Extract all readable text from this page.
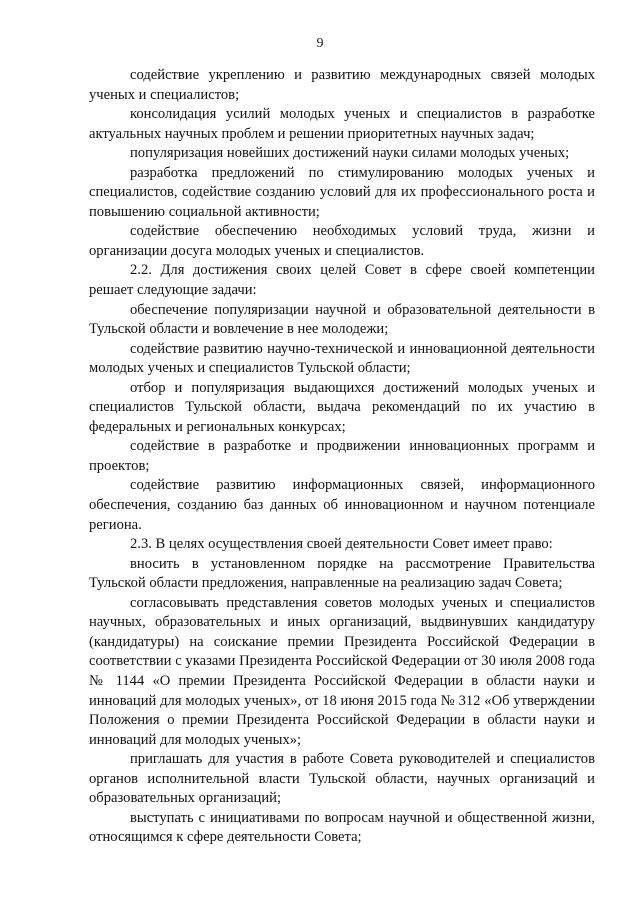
9

содействие укреплению и развитию международных связей молодых ученых и специалистов;

консолидация усилий молодых ученых и специалистов в разработке актуальных научных проблем и решении приоритетных научных задач;

популяризация новейших достижений науки силами молодых ученых;

разработка предложений по стимулированию молодых ученых и специалистов, содействие созданию условий для их профессионального роста и повышению социальной активности;

содействие обеспечению необходимых условий труда, жизни и организации досуга молодых ученых и специалистов.

2.2. Для достижения своих целей Совет в сфере своей компетенции решает следующие задачи:

обеспечение популяризации научной и образовательной деятельности в Тульской области и вовлечение в нее молодежи;

содействие развитию научно-технической и инновационной деятельности молодых ученых и специалистов Тульской области;

отбор и популяризация выдающихся достижений молодых ученых и специалистов Тульской области, выдача рекомендаций по их участию в федеральных и региональных конкурсах;

содействие в разработке и продвижении инновационных программ и проектов;

содействие развитию информационных связей, информационного обеспечения, созданию баз данных об инновационном и научном потенциале региона.

2.3. В целях осуществления своей деятельности Совет имеет право:

вносить в установленном порядке на рассмотрение Правительства Тульской области предложения, направленные на реализацию задач Совета;

согласовывать представления советов молодых ученых и специалистов научных, образовательных и иных организаций, выдвинувших кандидатуру (кандидатуры) на соискание премии Президента Российской Федерации в соответствии с указами Президента Российской Федерации от 30 июля 2008 года № 1144 «О премии Президента Российской Федерации в области науки и инноваций для молодых ученых», от 18 июня 2015 года № 312 «Об утверждении Положения о премии Президента Российской Федерации в области науки и инноваций для молодых ученых»;

приглашать для участия в работе Совета руководителей и специалистов органов исполнительной власти Тульской области, научных организаций и образовательных организаций;

выступать с инициативами по вопросам научной и общественной жизни, относящимся к сфере деятельности Совета;
